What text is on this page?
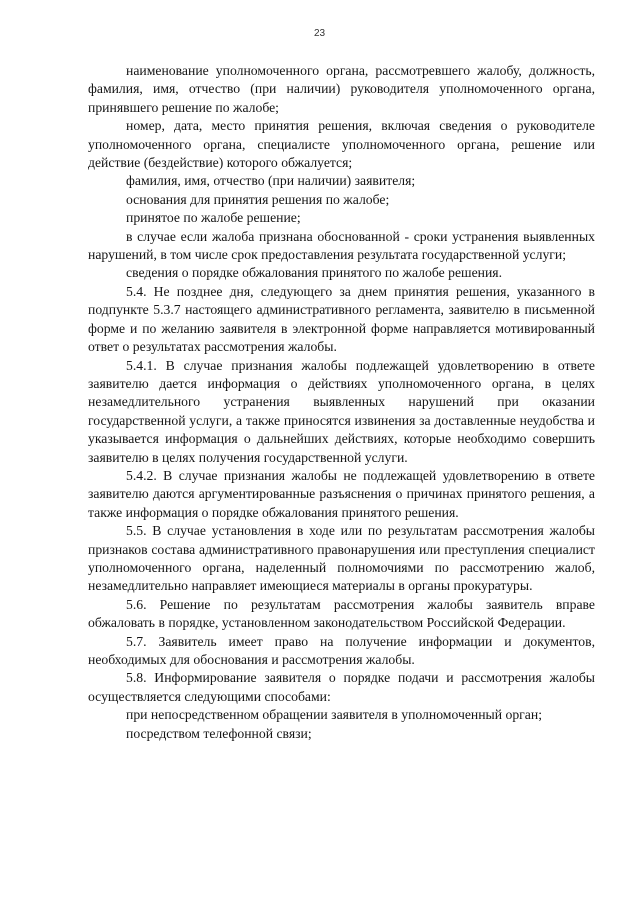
23

наименование уполномоченного органа, рассмотревшего жалобу, должность, фамилия, имя, отчество (при наличии) руководителя уполномоченного органа, принявшего решение по жалобе;

номер, дата, место принятия решения, включая сведения о руководителе уполномоченного органа, специалисте уполномоченного органа, решение или действие (бездействие) которого обжалуется;

фамилия, имя, отчество (при наличии) заявителя;

основания для принятия решения по жалобе;

принятое по жалобе решение;

в случае если жалоба признана обоснованной - сроки устранения выявленных нарушений, в том числе срок предоставления результата государственной услуги;

сведения о порядке обжалования принятого по жалобе решения.

5.4. Не позднее дня, следующего за днем принятия решения, указанного в подпункте 5.3.7 настоящего административного регламента, заявителю в письменной форме и по желанию заявителя в электронной форме направляется мотивированный ответ о результатах рассмотрения жалобы.

5.4.1. В случае признания жалобы подлежащей удовлетворению в ответе заявителю дается информация о действиях уполномоченного органа, в целях незамедлительного устранения выявленных нарушений при оказании государственной услуги, а также приносятся извинения за доставленные неудобства и указывается информация о дальнейших действиях, которые необходимо совершить заявителю в целях получения государственной услуги.

5.4.2. В случае признания жалобы не подлежащей удовлетворению в ответе заявителю даются аргументированные разъяснения о причинах принятого решения, а также информация о порядке обжалования принятого решения.

5.5. В случае установления в ходе или по результатам рассмотрения жалобы признаков состава административного правонарушения или преступления специалист уполномоченного органа, наделенный полномочиями по рассмотрению жалоб, незамедлительно направляет имеющиеся материалы в органы прокуратуры.

5.6. Решение по результатам рассмотрения жалобы заявитель вправе обжаловать в порядке, установленном законодательством Российской Федерации.

5.7. Заявитель имеет право на получение информации и документов, необходимых для обоснования и рассмотрения жалобы.

5.8. Информирование заявителя о порядке подачи и рассмотрения жалобы осуществляется следующими способами:

при непосредственном обращении заявителя в уполномоченный орган;

посредством телефонной связи;
